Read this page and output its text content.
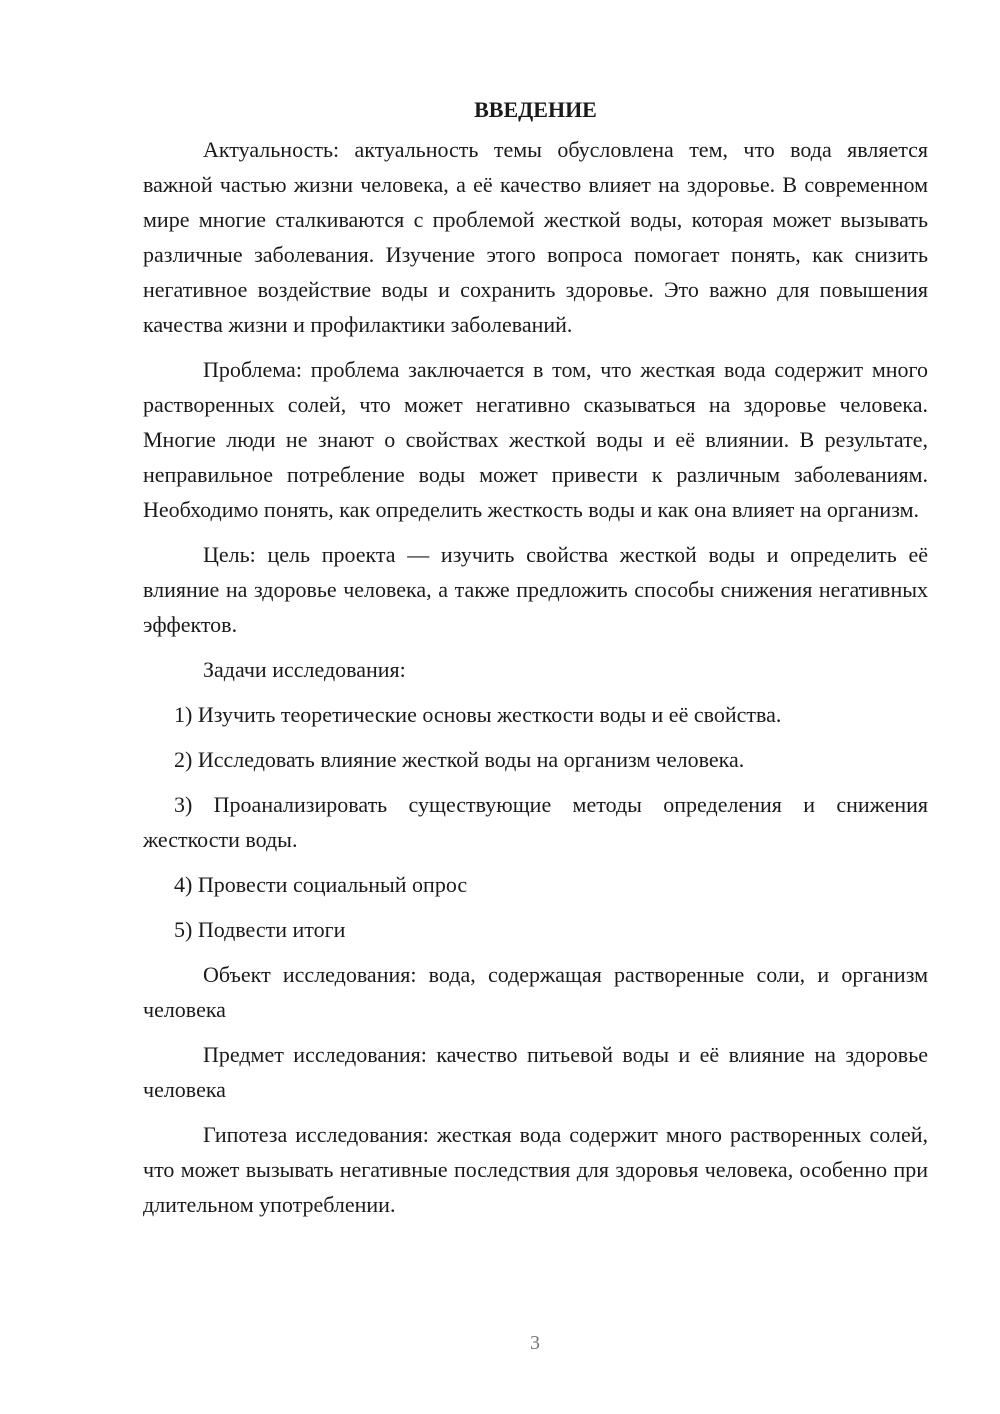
ВВЕДЕНИЕ

Актуальность: актуальность темы обусловлена тем, что вода является важной частью жизни человека, а её качество влияет на здоровье. В современном мире многие сталкиваются с проблемой жесткой воды, которая может вызывать различные заболевания. Изучение этого вопроса помогает понять, как снизить негативное воздействие воды и сохранить здоровье. Это важно для повышения качества жизни и профилактики заболеваний.

Проблема: проблема заключается в том, что жесткая вода содержит много растворенных солей, что может негативно сказываться на здоровье человека. Многие люди не знают о свойствах жесткой воды и её влиянии. В результате, неправильное потребление воды может привести к различным заболеваниям. Необходимо понять, как определить жесткость воды и как она влияет на организм.

Цель: цель проекта — изучить свойства жесткой воды и определить её влияние на здоровье человека, а также предложить способы снижения негативных эффектов.

Задачи исследования:

1) Изучить теоретические основы жесткости воды и её свойства.

2) Исследовать влияние жесткой воды на организм человека.

3) Проанализировать существующие методы определения и снижения жесткости воды.

4) Провести социальный опрос

5) Подвести итоги

Объект исследования: вода, содержащая растворенные соли, и организм человека

Предмет исследования: качество питьевой воды и её влияние на здоровье человека

Гипотеза исследования: жесткая вода содержит много растворенных солей, что может вызывать негативные последствия для здоровья человека, особенно при длительном употреблении.

3
